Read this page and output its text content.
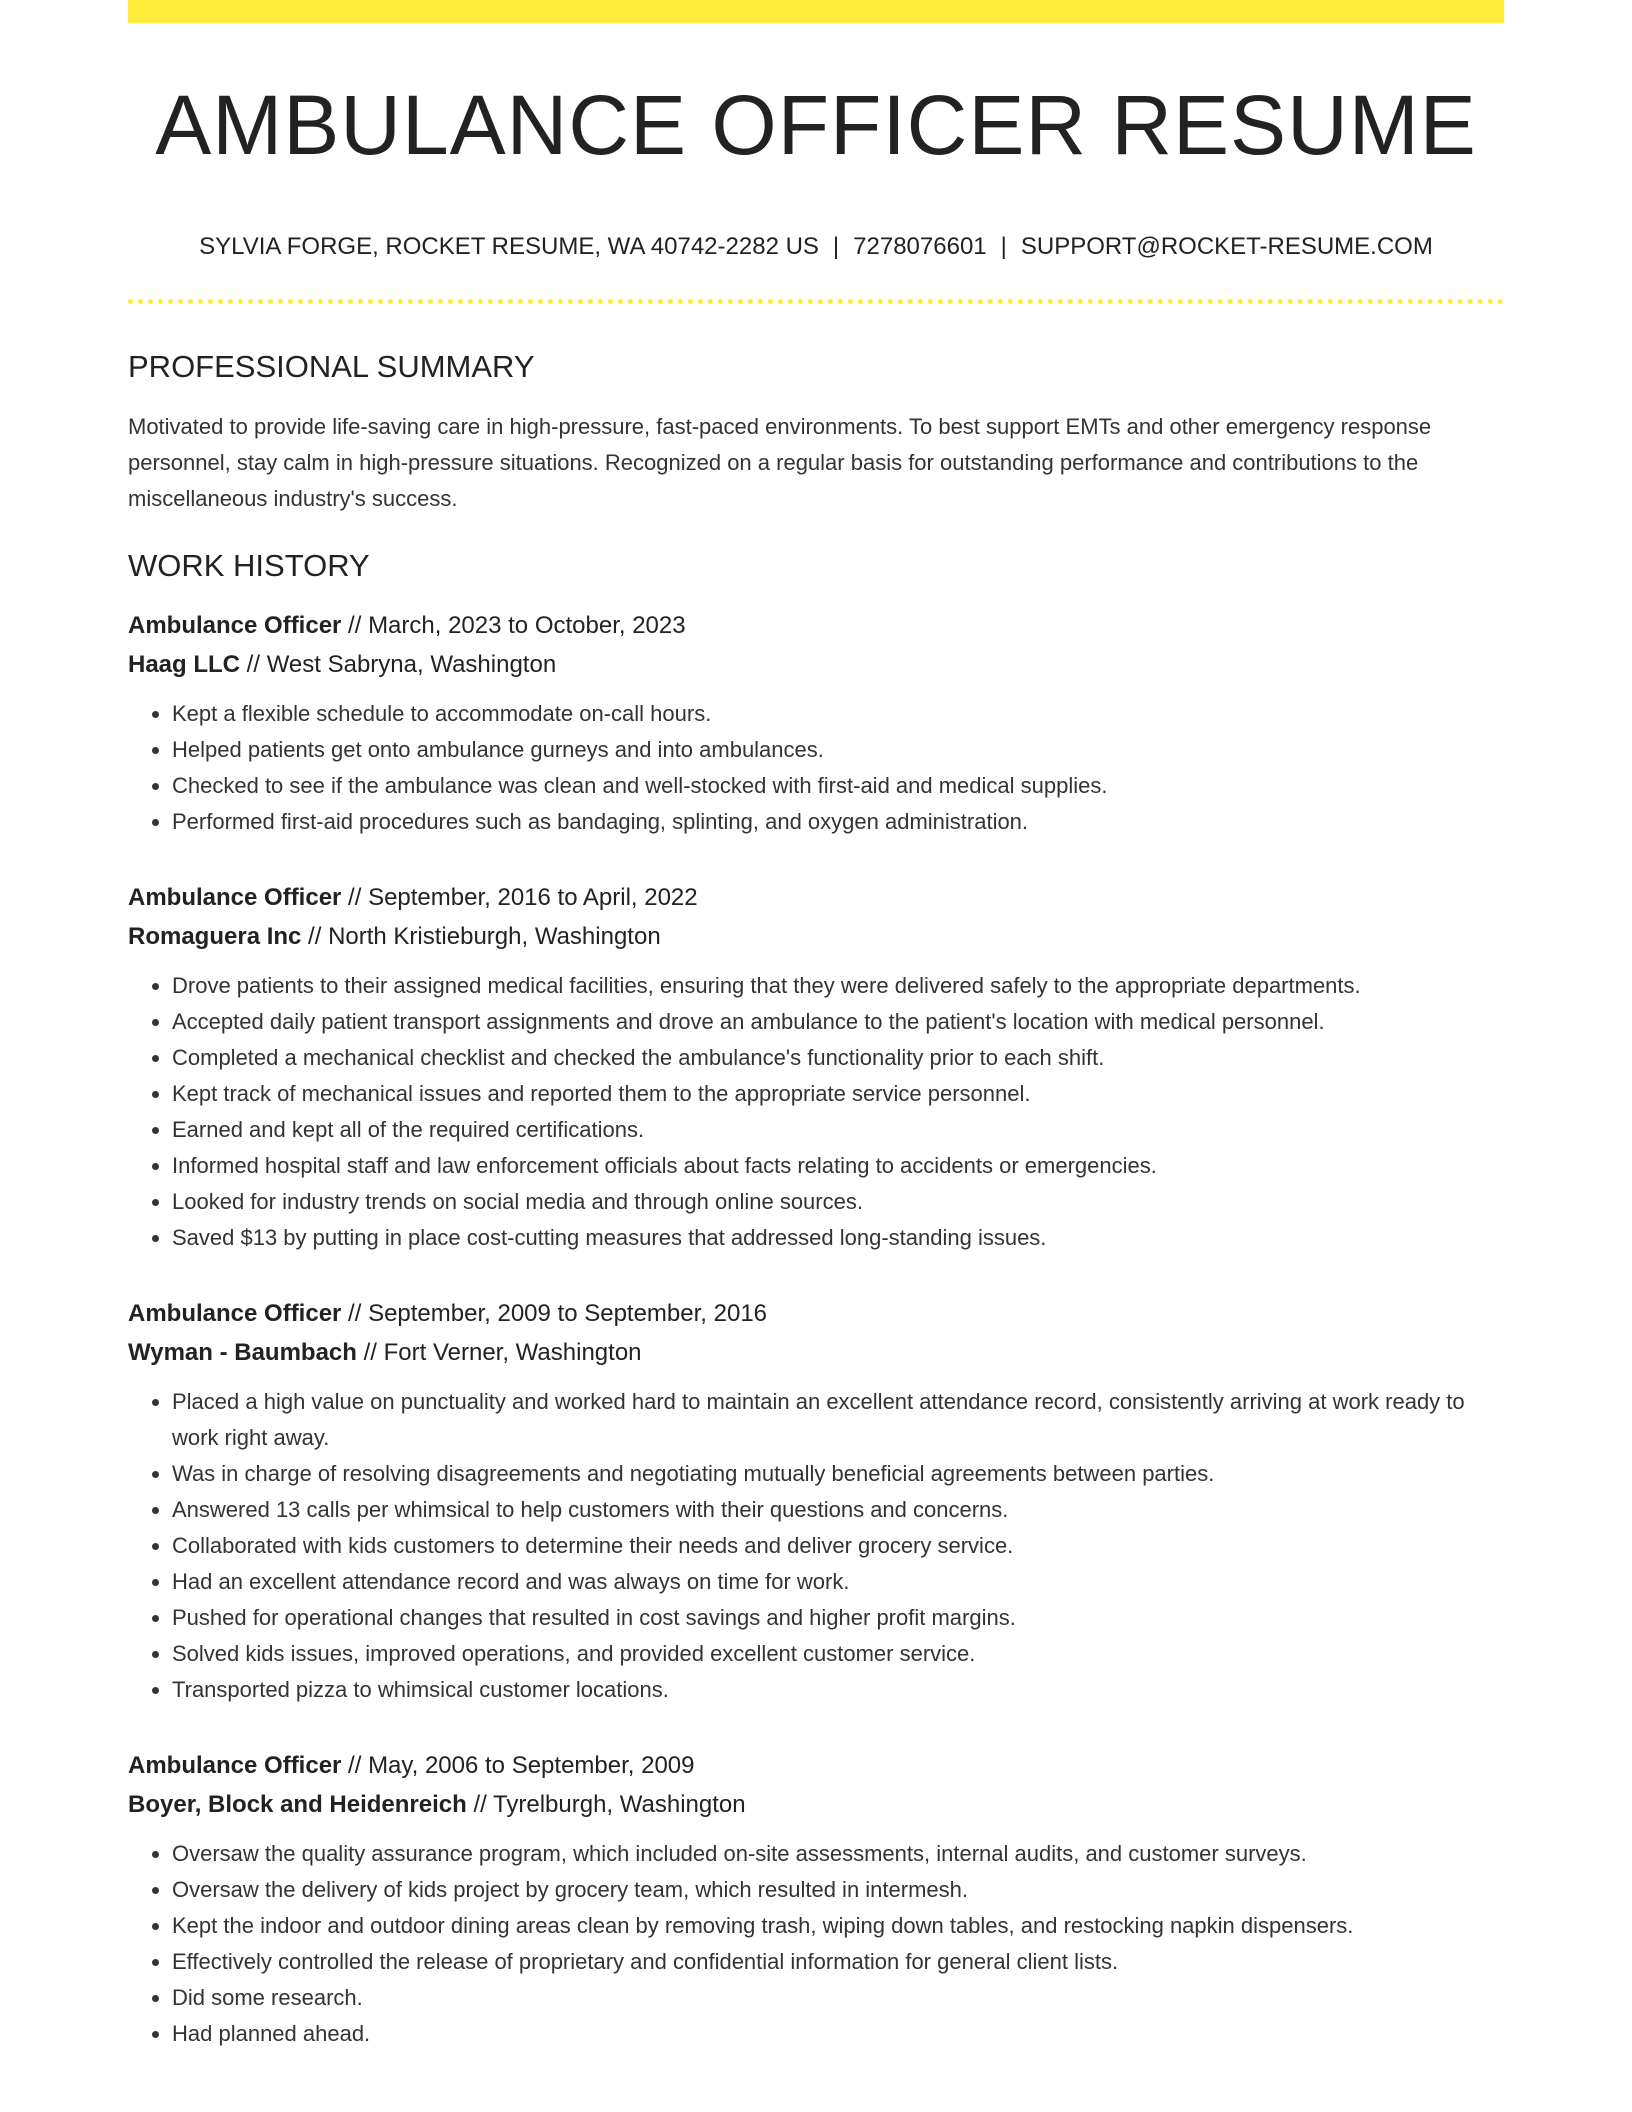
AMBULANCE OFFICER RESUME
SYLVIA FORGE, ROCKET RESUME, WA 40742-2282 US | 7278076601 | SUPPORT@ROCKET-RESUME.COM
PROFESSIONAL SUMMARY

Motivated to provide life-saving care in high-pressure, fast-paced environments. To best support EMTs and other emergency response personnel, stay calm in high-pressure situations. Recognized on a regular basis for outstanding performance and contributions to the miscellaneous industry's success.

WORK HISTORY
Ambulance Officer // March, 2023 to October, 2023
Haag LLC // West Sabryna, Washington
• Kept a flexible schedule to accommodate on-call hours.
• Helped patients get onto ambulance gurneys and into ambulances.
• Checked to see if the ambulance was clean and well-stocked with first-aid and medical supplies.
• Performed first-aid procedures such as bandaging, splinting, and oxygen administration.
Ambulance Officer // September, 2016 to April, 2022
Romaguera Inc // North Kristieburgh, Washington
• Drove patients to their assigned medical facilities, ensuring that they were delivered safely to the appropriate departments.
• Accepted daily patient transport assignments and drove an ambulance to the patient's location with medical personnel.
• Completed a mechanical checklist and checked the ambulance's functionality prior to each shift.
• Kept track of mechanical issues and reported them to the appropriate service personnel.
• Earned and kept all of the required certifications.
• Informed hospital staff and law enforcement officials about facts relating to accidents or emergencies.
• Looked for industry trends on social media and through online sources.
• Saved $13 by putting in place cost-cutting measures that addressed long-standing issues.
Ambulance Officer // September, 2009 to September, 2016
Wyman - Baumbach // Fort Verner, Washington
• Placed a high value on punctuality and worked hard to maintain an excellent attendance record, consistently arriving at work ready to work right away.
• Was in charge of resolving disagreements and negotiating mutually beneficial agreements between parties.
• Answered 13 calls per whimsical to help customers with their questions and concerns.
• Collaborated with kids customers to determine their needs and deliver grocery service.
• Had an excellent attendance record and was always on time for work.
• Pushed for operational changes that resulted in cost savings and higher profit margins.
• Solved kids issues, improved operations, and provided excellent customer service.
• Transported pizza to whimsical customer locations.
Ambulance Officer // May, 2006 to September, 2009
Boyer, Block and Heidenreich // Tyrelburgh, Washington
• Oversaw the quality assurance program, which included on-site assessments, internal audits, and customer surveys.
• Oversaw the delivery of kids project by grocery team, which resulted in intermesh.
• Kept the indoor and outdoor dining areas clean by removing trash, wiping down tables, and restocking napkin dispensers.
• Effectively controlled the release of proprietary and confidential information for general client lists.
• Did some research.
• Had planned ahead.
